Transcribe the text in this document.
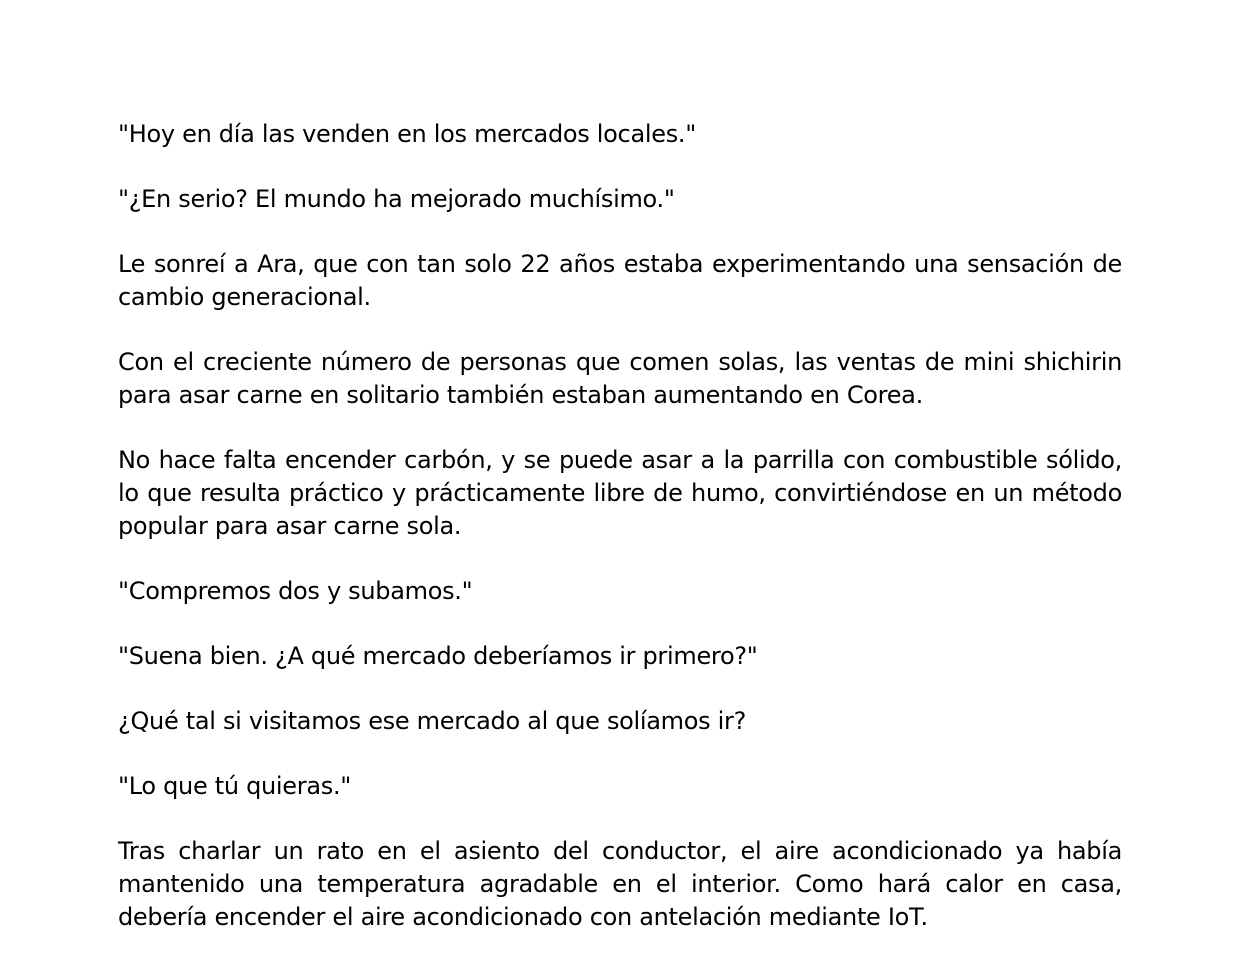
"Hoy en día las venden en los mercados locales."

"¿En serio? El mundo ha mejorado muchísimo."

Le sonreí a Ara, que con tan solo 22 años estaba experimentando una sensación de cambio generacional.

Con el creciente número de personas que comen solas, las ventas de mini shichirin para asar carne en solitario también estaban aumentando en Corea.

No hace falta encender carbón, y se puede asar a la parrilla con combustible sólido, lo que resulta práctico y prácticamente libre de humo, convirtiéndose en un método popular para asar carne sola.

"Compremos dos y subamos."

"Suena bien. ¿A qué mercado deberíamos ir primero?"

¿Qué tal si visitamos ese mercado al que solíamos ir?

"Lo que tú quieras."

Tras charlar un rato en el asiento del conductor, el aire acondicionado ya había mantenido una temperatura agradable en el interior. Como hará calor en casa, debería encender el aire acondicionado con antelación mediante IoT.
